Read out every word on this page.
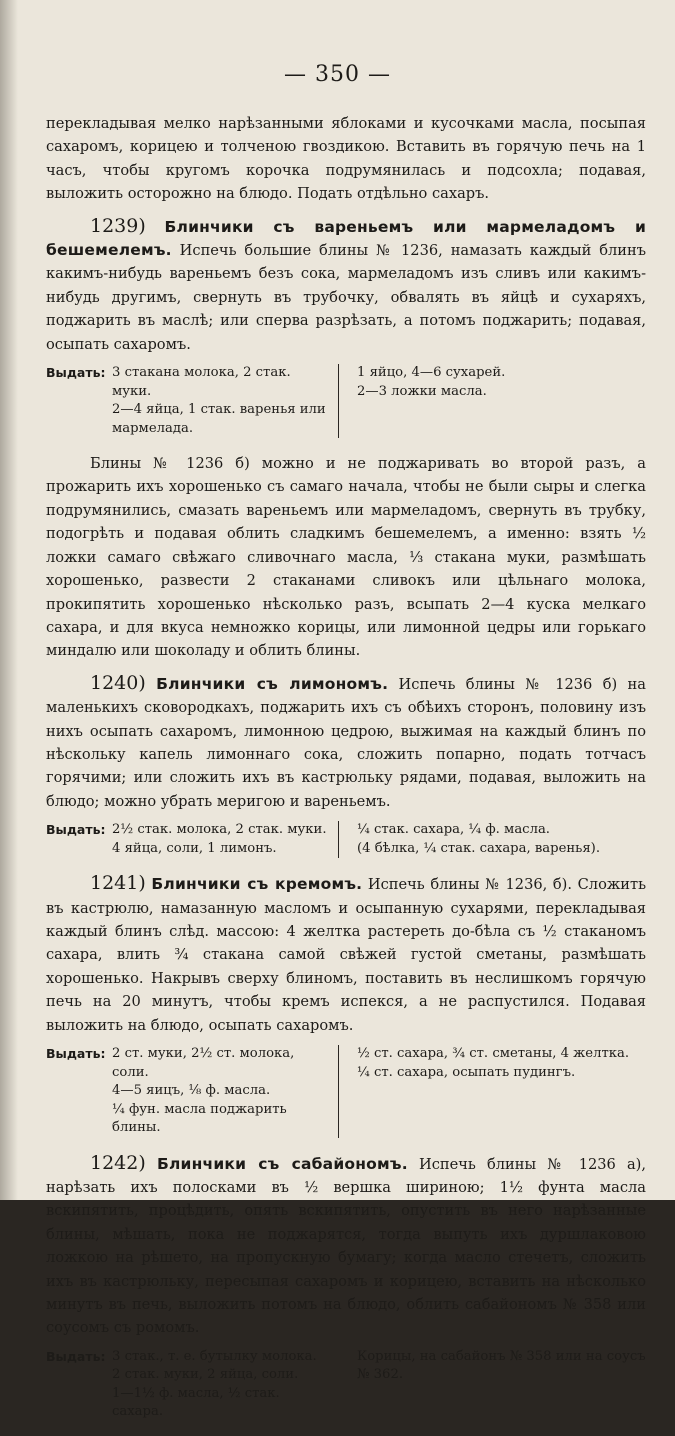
— 350 —

перекладывая мелко нарѣзанными яблоками и кусочками масла, посыпая сахаромъ, корицею и толченою гвоздикою. Вставить въ горячую печь на 1 часъ, чтобы кругомъ корочка подрумянилась и подсохла; подавая, выложить осторожно на блюдо. Подать отдѣльно сахаръ.

1239) Блинчики съ вареньемъ или мармеладомъ и бешемелемъ. Испечь большие блины № 1236, намазать каждый блинъ какимъ-нибудь вареньемъ безъ сока, мармеладомъ изъ сливъ или какимъ-нибудь другимъ, свернуть въ трубочку, обвалять въ яйцѣ и сухаряхъ, поджарить въ маслѣ; или сперва разрѣзать, а потомъ поджарить; подавая, осыпать сахаромъ.

Выдать: 3 стакана молока, 2 стак. муки.
2—4 яйца, 1 стак. варенья или
мармелада.
1 яйцо, 4—6 сухарей.
2—3 ложки масла.

Блины № 1236 б) можно и не поджаривать во второй разъ, а прожарить ихъ хорошенько съ самаго начала, чтобы не были сыры и слегка подрумянились, смазать вареньемъ или мармеладомъ, свернуть въ трубку, подогрѣть и подавая облить сладкимъ бешемелемъ, а именно: взять ½ ложки самаго свѣжаго сливочнаго масла, ⅓ стакана муки, размѣшать хорошенько, развести 2 стаканами сливокъ или цѣльнаго молока, прокипятить хорошенько нѣсколько разъ, всыпать 2—4 куска мелкаго сахара, и для вкуса немножко корицы, или лимонной цедры или горькаго миндалю или шоколаду и облить блины.

1240) Блинчики съ лимономъ. Испечь блины № 1236 б) на маленькихъ сковородкахъ, поджарить ихъ съ обѣихъ сторонъ, половину изъ нихъ осыпать сахаромъ, лимонною цедрою, выжимая на каждый блинъ по нѣскольку капель лимоннаго сока, сложить попарно, подать тотчасъ горячими; или сложить ихъ въ кастрюльку рядами, подавая, выложить на блюдо; можно убрать меригою и вареньемъ.

Выдать: 2½ стак. молока, 2 стак. муки.
4 яйца, соли, 1 лимонъ.
¼ стак. сахара, ¼ ф. масла.
(4 бѣлка, ¼ стак. сахара, варенья).

1241) Блинчики съ кремомъ. Испечь блины № 1236, б). Сложить въ кастрюлю, намазанную масломъ и осыпанную сухарями, перекладывая каждый блинъ слѣд. массою: 4 желтка растереть до-бѣла съ ½ стаканомъ сахара, влить ¾ стакана самой свѣжей густой сметаны, размѣшать хорошенько. Накрывъ сверху блиномъ, поставить въ неслишкомъ горячую печь на 20 минутъ, чтобы кремъ испекся, а не распустился. Подавая выложить на блюдо, осыпать сахаромъ.

Выдать: 2 ст. муки, 2½ ст. молока, соли.
4—5 яицъ, ⅛ ф. масла.
¼ фун. масла поджарить блины.
½ ст. сахара, ¾ ст. сметаны, 4 желтка.
¼ ст. сахара, осыпать пудингъ.

1242) Блинчики съ сабайономъ. Испечь блины № 1236 а), нарѣзать ихъ полосками въ ½ вершка шириною; 1½ фунта масла вскипятить, процѣдить, опять вскипятить, опустить въ него нарѣзанные блины, мѣшать, пока не поджарятся, тогда выпуть ихъ дуршлаковою ложкою на рѣшето, на пропускную бумагу; когда масло стечетъ, сложить ихъ въ кастрюльку, пересыпая сахаромъ и корицею, вставить на нѣсколько минутъ въ печь, выложить потомъ на блюдо, облить сабайономъ № 358 или соусомъ съ ромомъ.

Выдать: 3 стак., т. е. бутылку молока.
2 стак. муки, 2 яйца, соли.
1—1½ ф. масла, ½ стак. сахара.
Корицы, на сабайонъ № 358 или на соусъ
№ 362.
